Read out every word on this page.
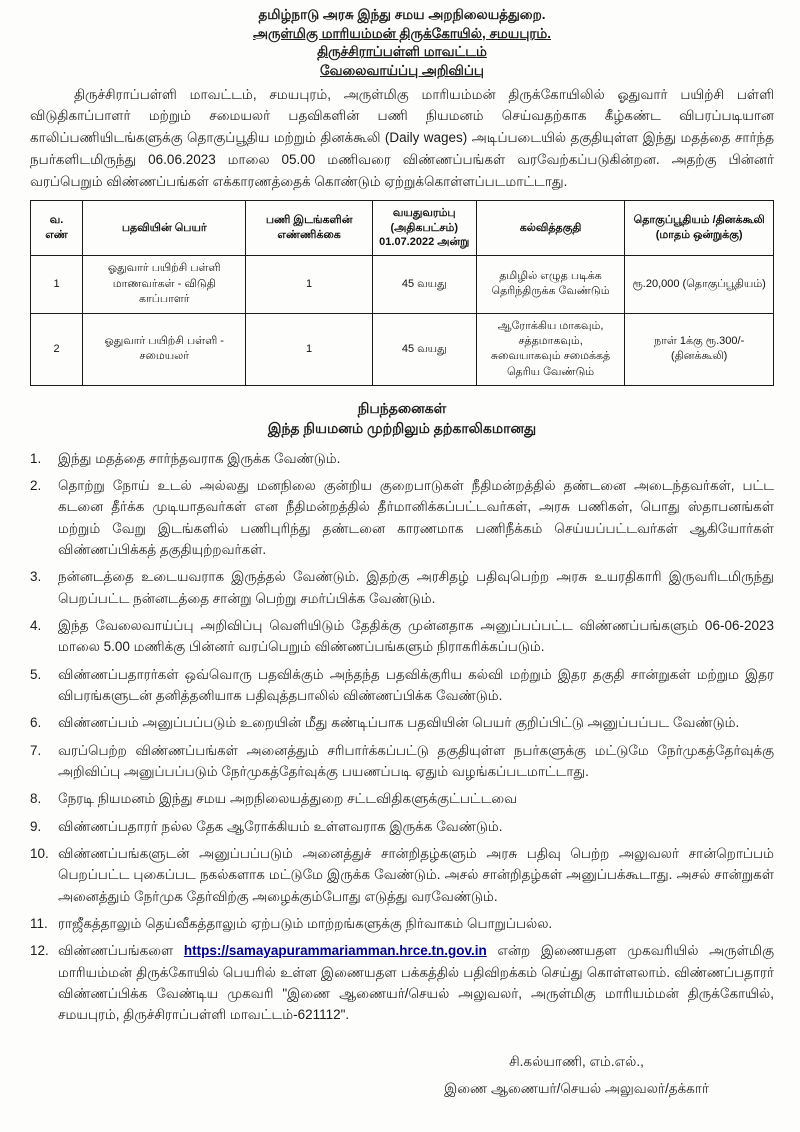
தமிழ்நாடு அரசு இந்து சமய அறநிலையத்துறை.
அருள்மிகு மாரியம்மன் திருக்கோயில், சமயபுரம்.
திருச்சிராப்பள்ளி மாவட்டம்
வேலைவாய்ப்பு அறிவிப்பு

திருச்சிராப்பள்ளி மாவட்டம், சமயபுரம், அருள்மிகு மாரியம்மன் திருக்கோயிலில் ஓதுவார் பயிற்சி பள்ளி விடுதிகாப்பாளர் மற்றும் சமையலர் பதவிகளின் பணி நியமனம் செய்வதற்காக கீழ்கண்ட விபரப்படியான காலிப்பணியிடங்களுக்கு தொகுப்பூதிய மற்றும் தினக்கூலி (Daily wages) அடிப்படையில் தகுதியுள்ள இந்து மதத்தை சார்ந்த நபர்களிடமிருந்து 06.06.2023 மாலை 05.00 மணிவரை விண்ணப்பங்கள் வரவேற்கப்படுகின்றன. அதற்கு பின்னர் வரப்பெறும் விண்ணப்பங்கள் எக்காரணத்தைக் கொண்டும் ஏற்றுக்கொள்ளப்படமாட்டாது.

வ. எண்	பதவியின் பெயர்	பணி இடங்களின் எண்ணிக்கை	வயதுவரம்பு (அதிகபட்சம்) 01.07.2022 அன்று	கல்வித்தகுதி	தொகுப்பூதியம் /தினக்கூலி (மாதம் ஒன்றுக்கு)
1	ஓதுவார் பயிற்சி பள்ளி மாணவர்கள் - விடுதி காப்பாளர்	1	45 வயது	தமிழில் எழுத படிக்க தெரிந்திருக்க வேண்டும்	ரூ.20,000 (தொகுப்பூதியம்)
2	ஓதுவார் பயிற்சி பள்ளி - சமையலர்	1	45 வயது	ஆரோக்கிய மாகவும், சத்தமாகவும், சுவையாகவும் சமைக்கத் தெரிய வேண்டும்	நாள் 1க்கு ரூ.300/- (தினக்கூலி)
நிபந்தனைகள்
இந்த நியமனம் முற்றிலும் தற்காலிகமானது
1.	இந்து மதத்தை சார்ந்தவராக இருக்க வேண்டும்.
2.	தொற்று நோய் உடல் அல்லது மனநிலை குன்றிய குறைபாடுகள் நீதிமன்றத்தில் தண்டனை அடைந்தவர்கள், பட்ட கடனை தீர்க்க முடியாதவர்கள் என நீதிமன்றத்தில் தீர்மானிக்கப்பட்டவர்கள், அரசு பணிகள், பொது ஸ்தாபனங்கள் மற்றும் வேறு இடங்களில் பணிபுரிந்து தண்டனை காரணமாக பணிநீக்கம் செய்யப்பட்டவர்கள் ஆகியோர்கள் விண்ணப்பிக்கத் தகுதியுற்றவர்கள்.
3.	நன்னடத்தை உடையவராக இருத்தல் வேண்டும். இதற்கு அரசிதழ் பதிவுபெற்ற அரசு உயரதிகாரி இருவரிடமிருந்து பெறப்பட்ட நன்னடத்தை சான்று பெற்று சமர்ப்பிக்க வேண்டும்.
4.	இந்த வேலைவாய்ப்பு அறிவிப்பு வெளியிடும் தேதிக்கு முன்னதாக அனுப்பப்பட்ட விண்ணப்பங்களும் 06-06-2023 மாலை 5.00 மணிக்கு பின்னர் வரப்பெறும் விண்ணப்பங்களும் நிராகரிக்கப்படும்.
5.	விண்ணப்பதாரர்கள் ஒவ்வொரு பதவிக்கும் அந்தந்த பதவிக்குரிய கல்வி மற்றும் இதர தகுதி சான்றுகள் மற்றும இதர விபரங்களுடன் தனித்தனியாக பதிவுத்தபாலில் விண்ணப்பிக்க வேண்டும்.
6.	விண்ணப்பம் அனுப்பப்படும் உறையின் மீது கண்டிப்பாக பதவியின் பெயர் குறிப்பிட்டு அனுப்பப்பட வேண்டும்.
7.	வரப்பெற்ற விண்ணப்பங்கள் அனைத்தும் சரிபார்க்கப்பட்டு தகுதியுள்ள நபர்களுக்கு மட்டுமே நேர்முகத்தேர்வுக்கு அறிவிப்பு அனுப்பப்படும் நேர்முகத்தேர்வுக்கு பயணப்படி ஏதும் வழங்கப்படமாட்டாது.
8.	நேரடி நியமனம் இந்து சமய அறநிலையத்துறை சட்டவிதிகளுக்குட்பட்டவை
9.	விண்ணப்பதாரர் நல்ல தேக ஆரோக்கியம் உள்ளவராக இருக்க வேண்டும்.
10. விண்ணப்பங்களுடன் அனுப்பப்படும் அனைத்துச் சான்றிதழ்களும் அரசு பதிவு பெற்ற அலுவலர் சான்றொப்பம் பெறப்பட்ட புகைப்பட நகல்களாக மட்டுமே இருக்க வேண்டும். அசல் சான்றிதழ்கள் அனுப்பக்கூடாது. அசல் சான்றுகள் அனைத்தும் நேர்முக தேர்விற்கு அழைக்கும்போது எடுத்து வரவேண்டும்.
11. ராஜீகத்தாலும் தெய்வீகத்தாலும் ஏற்படும் மாற்றங்களுக்கு நிர்வாகம் பொறுப்பல்ல.
12. விண்ணப்பங்களை https://samayapurammariamman.hrce.tn.gov.in என்ற இணையதள முகவரியில் அருள்மிகு மாரியம்மன் திருக்கோயில் பெயரில் உள்ள இணையதள பக்கத்தில் பதிவிறக்கம் செய்து கொள்ளலாம். விண்ணப்பதாரர் விண்ணப்பிக்க வேண்டிய முகவரி "இணை ஆணையர்/செயல் அலுவலர், அருள்மிகு மாரியம்மன் திருக்கோயில், சமயபுரம், திருச்சிராப்பள்ளி மாவட்டம்-621112".
சி.கல்யாணி, எம்.எல்.,
இணை ஆணையர்/செயல் அலுவலர்/தக்கார்
